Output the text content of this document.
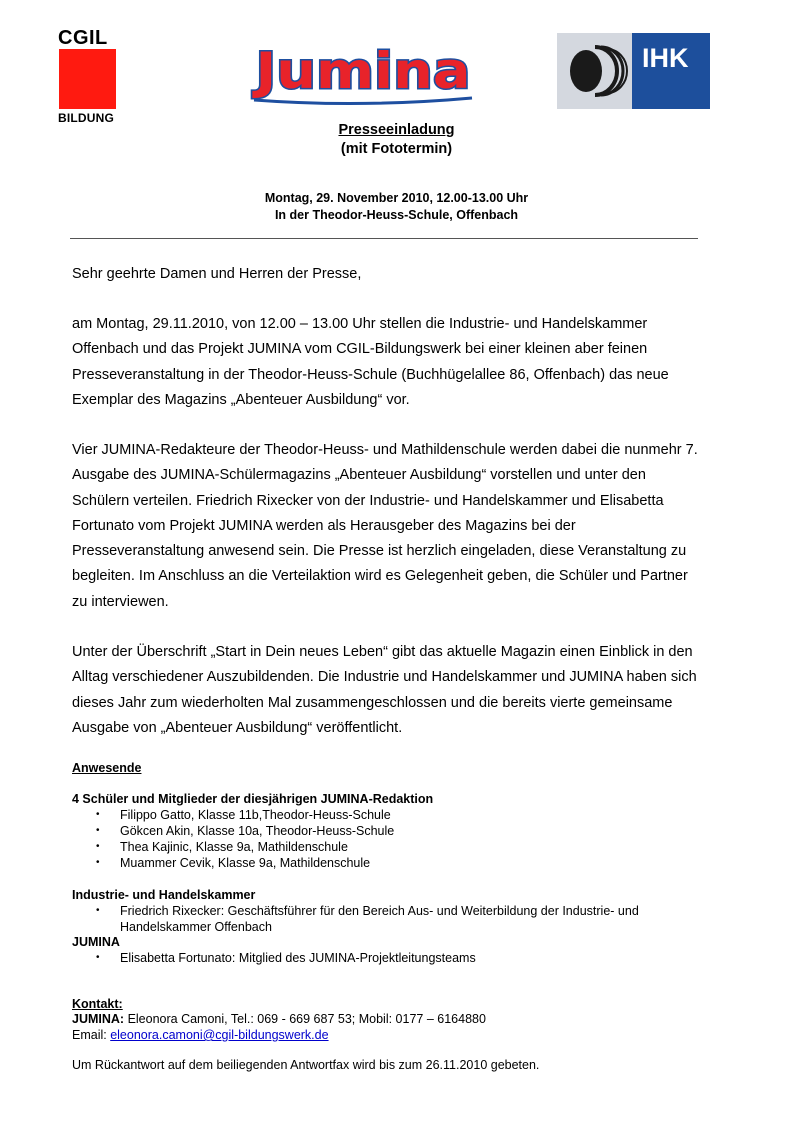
CGIL
BILDUNG
Jumina	IHK
Presseeinladung
(mit Fototermin)
Montag, 29. November 2010, 12.00-13.00 Uhr
In der Theodor-Heuss-Schule, Offenbach
Sehr geehrte Damen und Herren der Presse,
am Montag, 29.11.2010, von 12.00 – 13.00 Uhr stellen die Industrie- und Handelskammer Offenbach und das Projekt JUMINA vom CGIL-Bildungswerk bei einer kleinen aber feinen Presseveranstaltung in der Theodor-Heuss-Schule (Buchhügelallee 86, Offenbach) das neue Exemplar des Magazins „Abenteuer Ausbildung“ vor.
Vier JUMINA-Redakteure der Theodor-Heuss- und Mathildenschule werden dabei die nunmehr 7. Ausgabe des JUMINA-Schülermagazins „Abenteuer Ausbildung“ vorstellen und unter den Schülern verteilen. Friedrich Rixecker von der Industrie- und Handelskammer und Elisabetta Fortunato vom Projekt JUMINA werden als Herausgeber des Magazins bei der Presseveranstaltung anwesend sein. Die Presse ist herzlich eingeladen, diese Veranstaltung zu begleiten. Im Anschluss an die Verteilaktion wird es Gelegenheit geben, die Schüler und Partner zu interviewen.
Unter der Überschrift „Start in Dein neues Leben“ gibt das aktuelle Magazin einen Einblick in den Alltag verschiedener Auszubildenden. Die Industrie und Handelskammer und JUMINA haben sich dieses Jahr zum wiederholten Mal zusammengeschlossen und die bereits vierte gemeinsame Ausgabe von „Abenteuer Ausbildung“ veröffentlicht.
Anwesende
4 Schüler und Mitglieder der diesjährigen JUMINA-Redaktion
• Filippo Gatto, Klasse 11b,Theodor-Heuss-Schule
• Gökcen Akin, Klasse 10a, Theodor-Heuss-Schule
• Thea Kajinic, Klasse 9a, Mathildenschule
• Muammer Cevik, Klasse 9a, Mathildenschule
Industrie- und Handelskammer
• Friedrich Rixecker: Geschäftsführer für den Bereich Aus- und Weiterbildung der Industrie- und Handelskammer Offenbach
JUMINA
• Elisabetta Fortunato: Mitglied des JUMINA-Projektleitungsteams
Kontakt:
JUMINA: Eleonora Camoni, Tel.: 069 - 669 687 53; Mobil: 0177 – 6164880
Email: eleonora.camoni@cgil-bildungswerk.de
Um Rückantwort auf dem beiliegenden Antwortfax wird bis zum 26.11.2010 gebeten.
